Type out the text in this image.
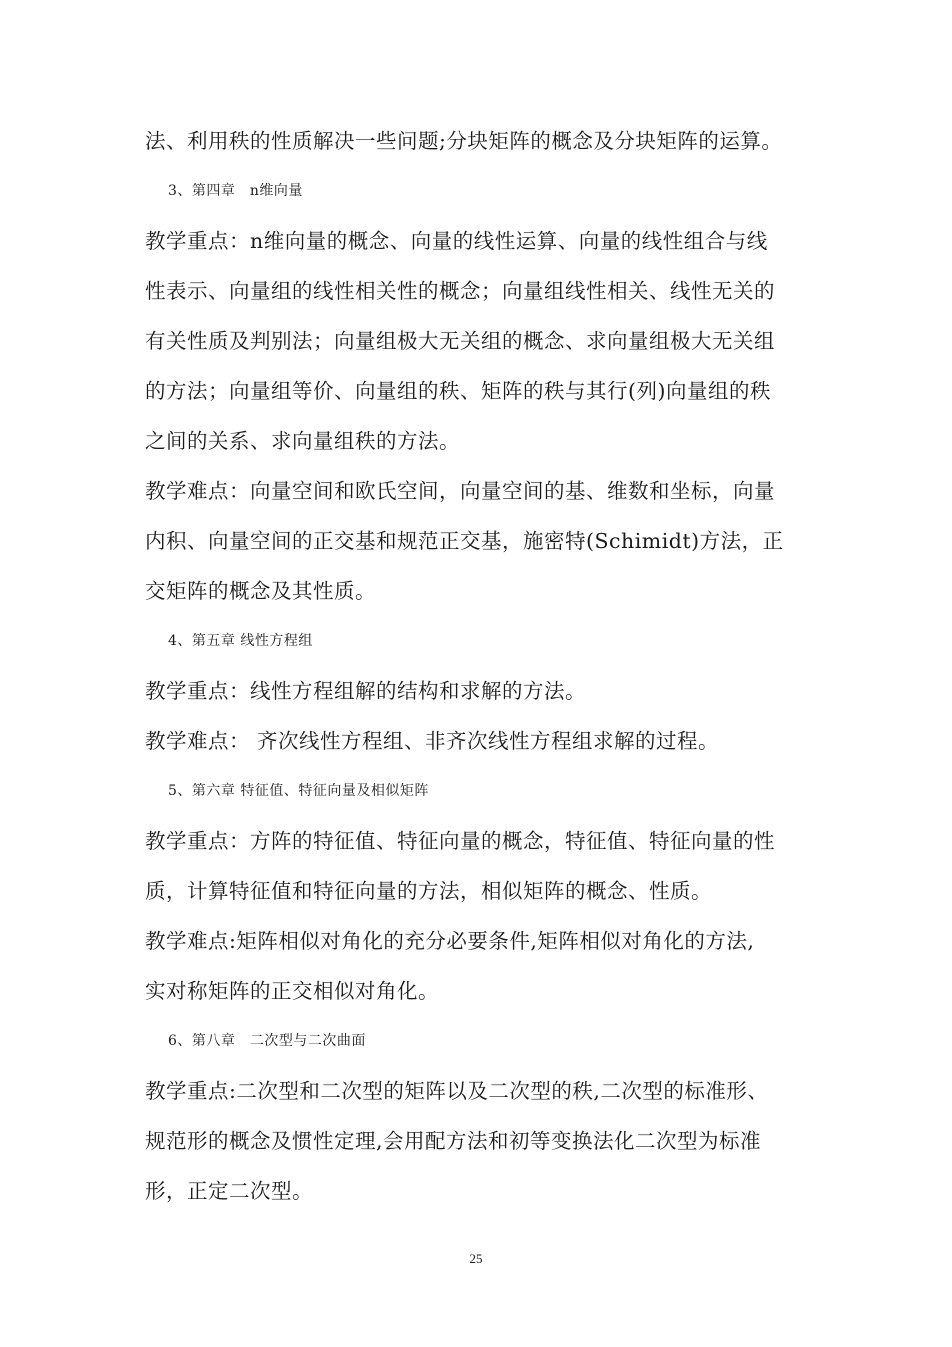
法、利用秩的性质解决一些问题;分块矩阵的概念及分块矩阵的运算。
3、第四章　n维向量
教学重点：n维向量的概念、向量的线性运算、向量的线性组合与线
性表示、向量组的线性相关性的概念；向量组线性相关、线性无关的
有关性质及判别法；向量组极大无关组的概念、求向量组极大无关组
的方法；向量组等价、向量组的秩、矩阵的秩与其行(列)向量组的秩
之间的关系、求向量组秩的方法。
教学难点：向量空间和欧氏空间，向量空间的基、维数和坐标，向量
内积、向量空间的正交基和规范正交基，施密特(Schimidt)方法，正
交矩阵的概念及其性质。
4、第五章 线性方程组
教学重点：线性方程组解的结构和求解的方法。
教学难点： 齐次线性方程组、非齐次线性方程组求解的过程。
5、第六章 特征值、特征向量及相似矩阵
教学重点：方阵的特征值、特征向量的概念，特征值、特征向量的性
质，计算特征值和特征向量的方法，相似矩阵的概念、性质。
教学难点:矩阵相似对角化的充分必要条件,矩阵相似对角化的方法,
实对称矩阵的正交相似对角化。
6、第八章　二次型与二次曲面
教学重点:二次型和二次型的矩阵以及二次型的秩,二次型的标准形、
规范形的概念及惯性定理,会用配方法和初等变换法化二次型为标准
形，正定二次型。
25
